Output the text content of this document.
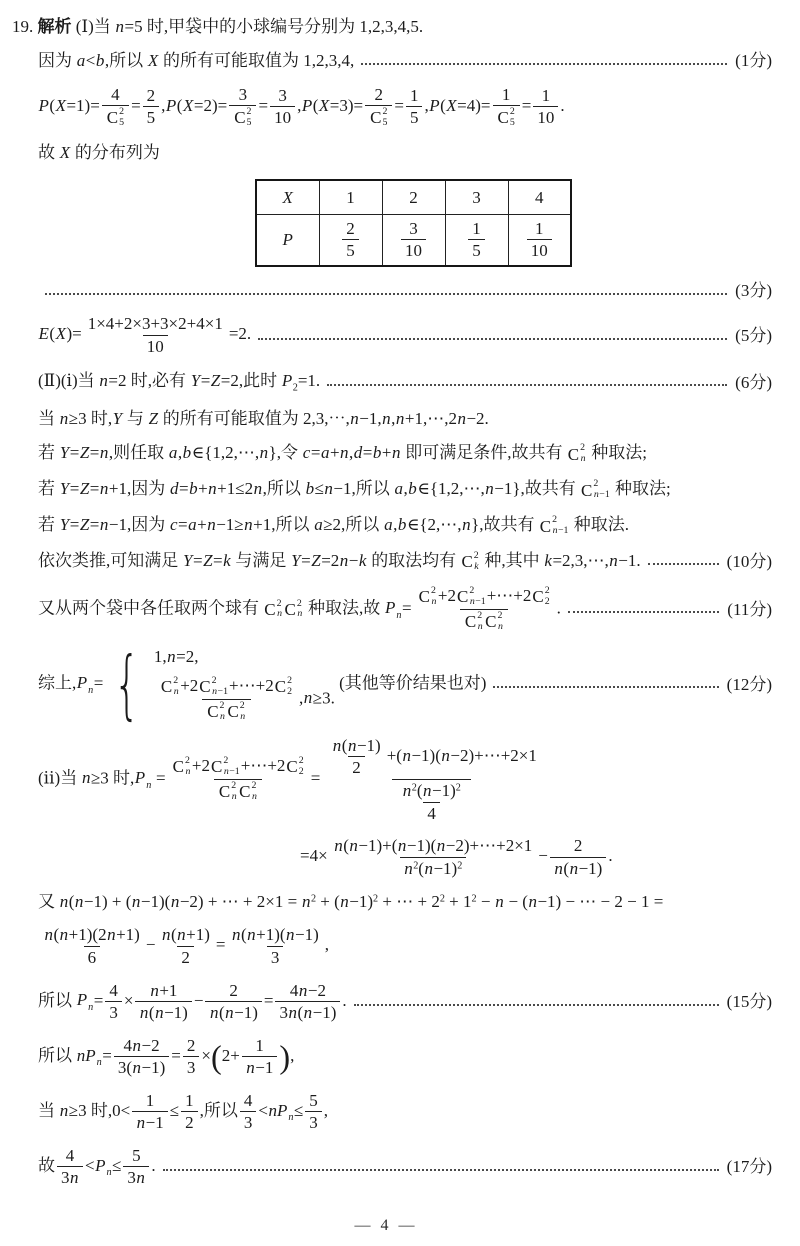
19. 解析 (Ⅰ)当 n=5 时,甲袋中的小球编号分别为 1,2,3,4,5.
因为 a<b,所以 X 的所有可能取值为 1,2,3,4,	(1分)
P(X=1)= 4
C 2
$5 = \frac{2}{5} ,P(X=2)= 3$
C 2
$5 = \frac{3}{10} ,P(X=3)= 2$
C 2
$5 = \frac{1}{5} ,P(X=4)= 1$
C 2
$5 = \frac{1}{10}$ .
故 X 的分布列为
X	1	2	3	4
P	$\frac{2}{5}$	$\frac{3}{10}$	$\frac{1}{5}$	$\frac{1}{10}$
(3分)
$E(X)= \frac{1\times 4+2\times 3+3\times 2+4\times 1}{10} =2$.	(5分)
(Ⅱ)(ⅰ)当 n=2 时,必有 Y=Z=2,此时 $P_2=1$.	(6分)
当 n≥3 时,Y 与 Z 的所有可能取值为 2,3,⋯,n−1,n,n+1,⋯,2n−2.
若 Y=Z=n,则任取 a,b∈{1,2,⋯,n},令 c=a+n,d=b+n 即可满足条件,故共有 C 2
n 种取法;
若 Y=Z=n+1,因为 d=b+n+1≤2n,所以 b≤n−1,所以 a,b∈{1,2,⋯,n−1},故共有 C 2
n−1 种取法;
若 Y=Z=n−1,因为 c=a+n−1≥n+1,所以 a≥2,所以 a,b∈{2,⋯,n},故共有 C 2
n−1 种取法.
依次类推,可知满足 Y=Z=k 与满足 Y=Z=2n−k 的取法均有 C 2
k 种,其中 k=2,3,⋯,n−1.	(10分)
又从两个袋中各任取两个球有 C 2
n C 2
n 种取法,故 $P_n= C$ 2
n +2 C 2
n−1 +⋯+2 C 2
2
C 2
n C 2
n .	(11分)
综上$,P_n=$ { 1,n=2,
C 2
n +2 C 2
n−1 +⋯+2 C 2
2
C 2
n C 2
n ,n≥3.
(其他等价结果也对)	(12分)
(ⅱ)当 n≥3 时$,P_n = C$ 2
n +2 C 2
n−1 +⋯+2 C 2
2
C 2
n C 2
$n = \frac{\frac{n(n-1)}{2} +(n-1)(n-2)+\cdots+2\times 1}{\frac{n^2(n-1)^2}{4}}$
$=4\times \frac{n(n-1)+(n-1)(n-2)+\cdots+2\times 1}{n^2(n-1)^2} - \frac{2}{n(n-1)}$ .
又 n(n−1) + (n−1)(n−2) + ⋯ + $2\times 1 = n^2 + (n-1)^2$ + ⋯ + $2^2 + 1^2 - n - (n-1)$ − ⋯ − 2 − 1 =
$\frac{n(n+1)(2n+1)}{6} - \frac{n(n+1)}{2} = \frac{n(n+1)(n-1)}{3}$ ,
所以 $P_n= \frac{4}{3} \times \frac{n+1}{n(n-1)} - \frac{2}{n(n-1)} = \frac{4n-2}{3n(n-1)}$ .	(15分)
所以 $nP_n= \frac{4n-2}{3(n-1)} = \frac{2}{3}$ × ( $2+ \frac{1}{n-1}$ ) ,
当 n≥3 时$,0< \frac{1}{n-1} \le \frac{1}{2}$ ,所以 $\frac{4}{3} <nP_n\le \frac{5}{3}$ ,
故 $\frac{4}{3n} <P_n\le \frac{5}{3n}$ .	(17分)
— 4 —
